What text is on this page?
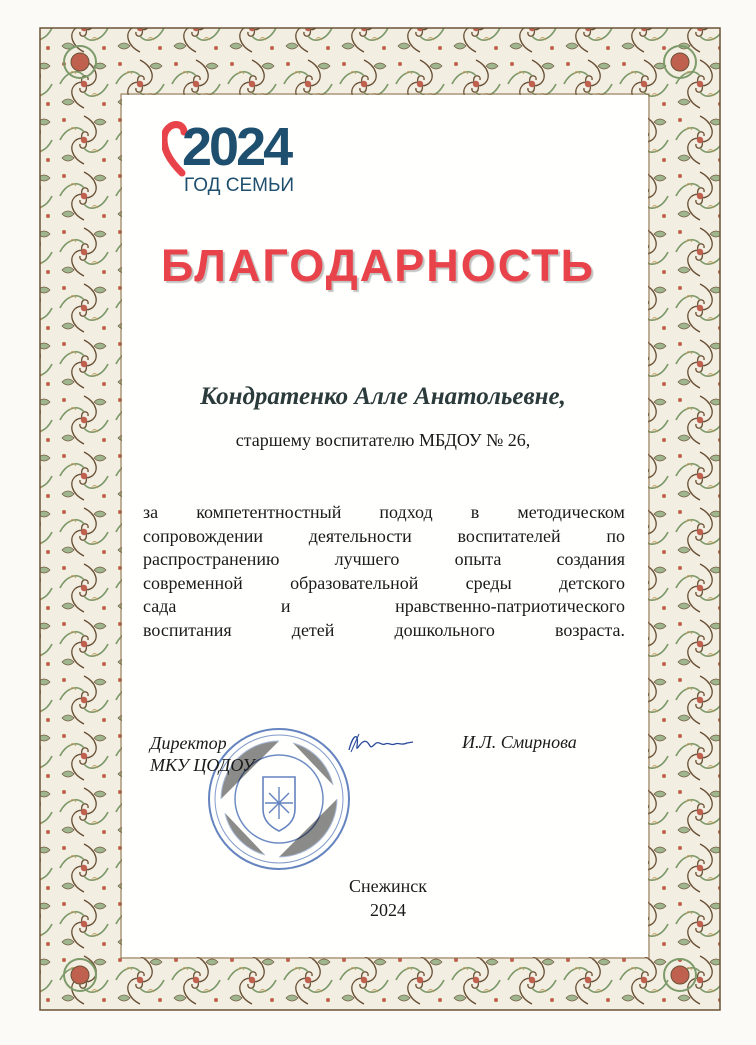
2024
ГОД СЕМЬИ
БЛАГОДАРНОСТЬ
Кондратенко Алле Анатольевне,
старшему воспитателю МБДОУ № 26,
за компетентностный подход в методическом
сопровождении	деятельности	воспитателей	по
распространению	лучшего	опыта	создания
современной	образовательной	среды	детского
сада	и	нравственно-патриотического
воспитания детей дошкольного возраста.
Директор
МКУ ЦОДОУ
И.Л. Смирнова
Снежинск
2024
